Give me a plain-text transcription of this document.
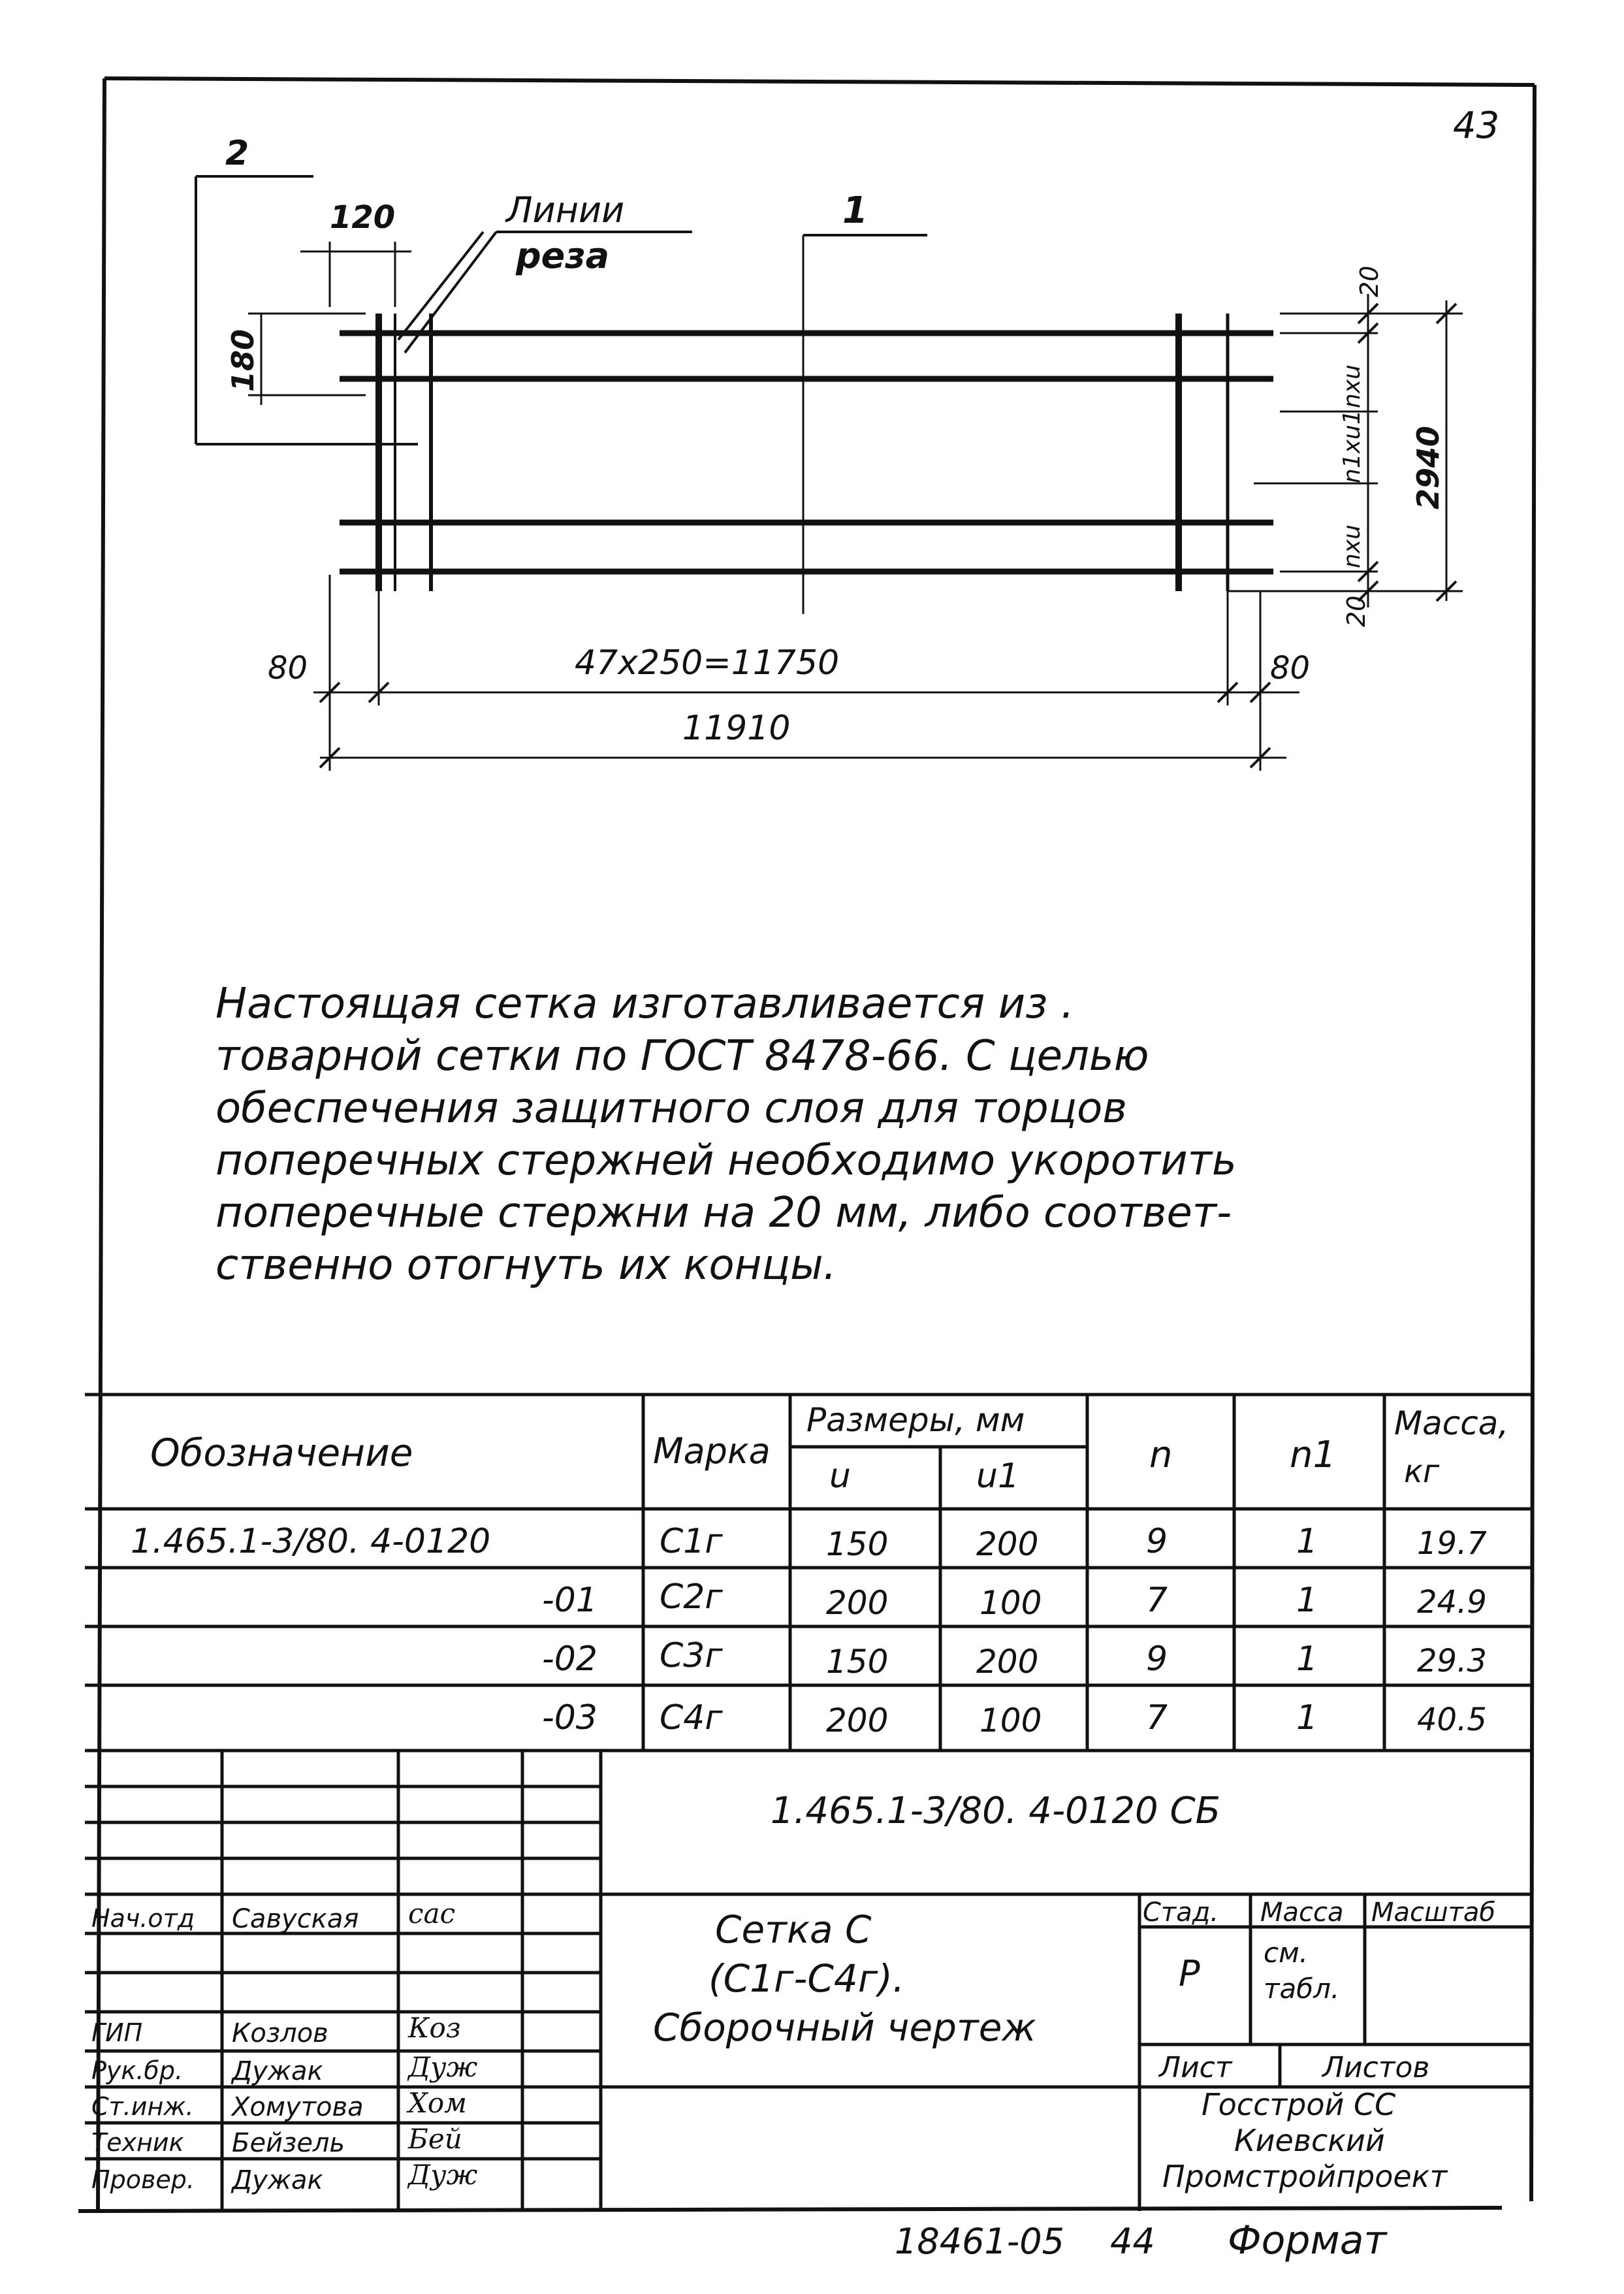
43
2
1
Линии
реза
120
180
20
nхu
n1хu1
nхu
20
2940
80	80
47х250=11750
11910
Настоящая сетка изготавливается из .
товарной сетки по ГОСТ 8478-66. С целью
обеспечения защитного слоя для торцов
поперечных стержней необходимо укоротить
поперечные стержни на 20 мм, либо соответ-
ственно отогнуть их концы.
Обозначение	Марка
Размеры, мм
u	u1	n	n1
Масса,
кг
1.465.1-3/80. 4-0120	С1г	150	200	9	1	19.7
-01 С2г	200	100	7	1	24.9
-02 С3г	150	200	9	1	29.3
-03 С4г	200	100	7	1	40.5
1.465.1-3/80. 4-0120 СБ
Сетка С
(С1г-С4г).
Сборочный чертеж
Стад. Масса Масштаб
Р
см.
табл.
Лист	Листов
Госстрой СС
Киевский
Промстройпроект
Нач.отд Савуская сас
ГИП	Козлов	Коз
Рук.бр. Дужак	Дуж
Ст.инж. Хомутова Хом
Техник Бейзель Бей
Провер. Дужак	Дуж
18461-05 44 Формат
